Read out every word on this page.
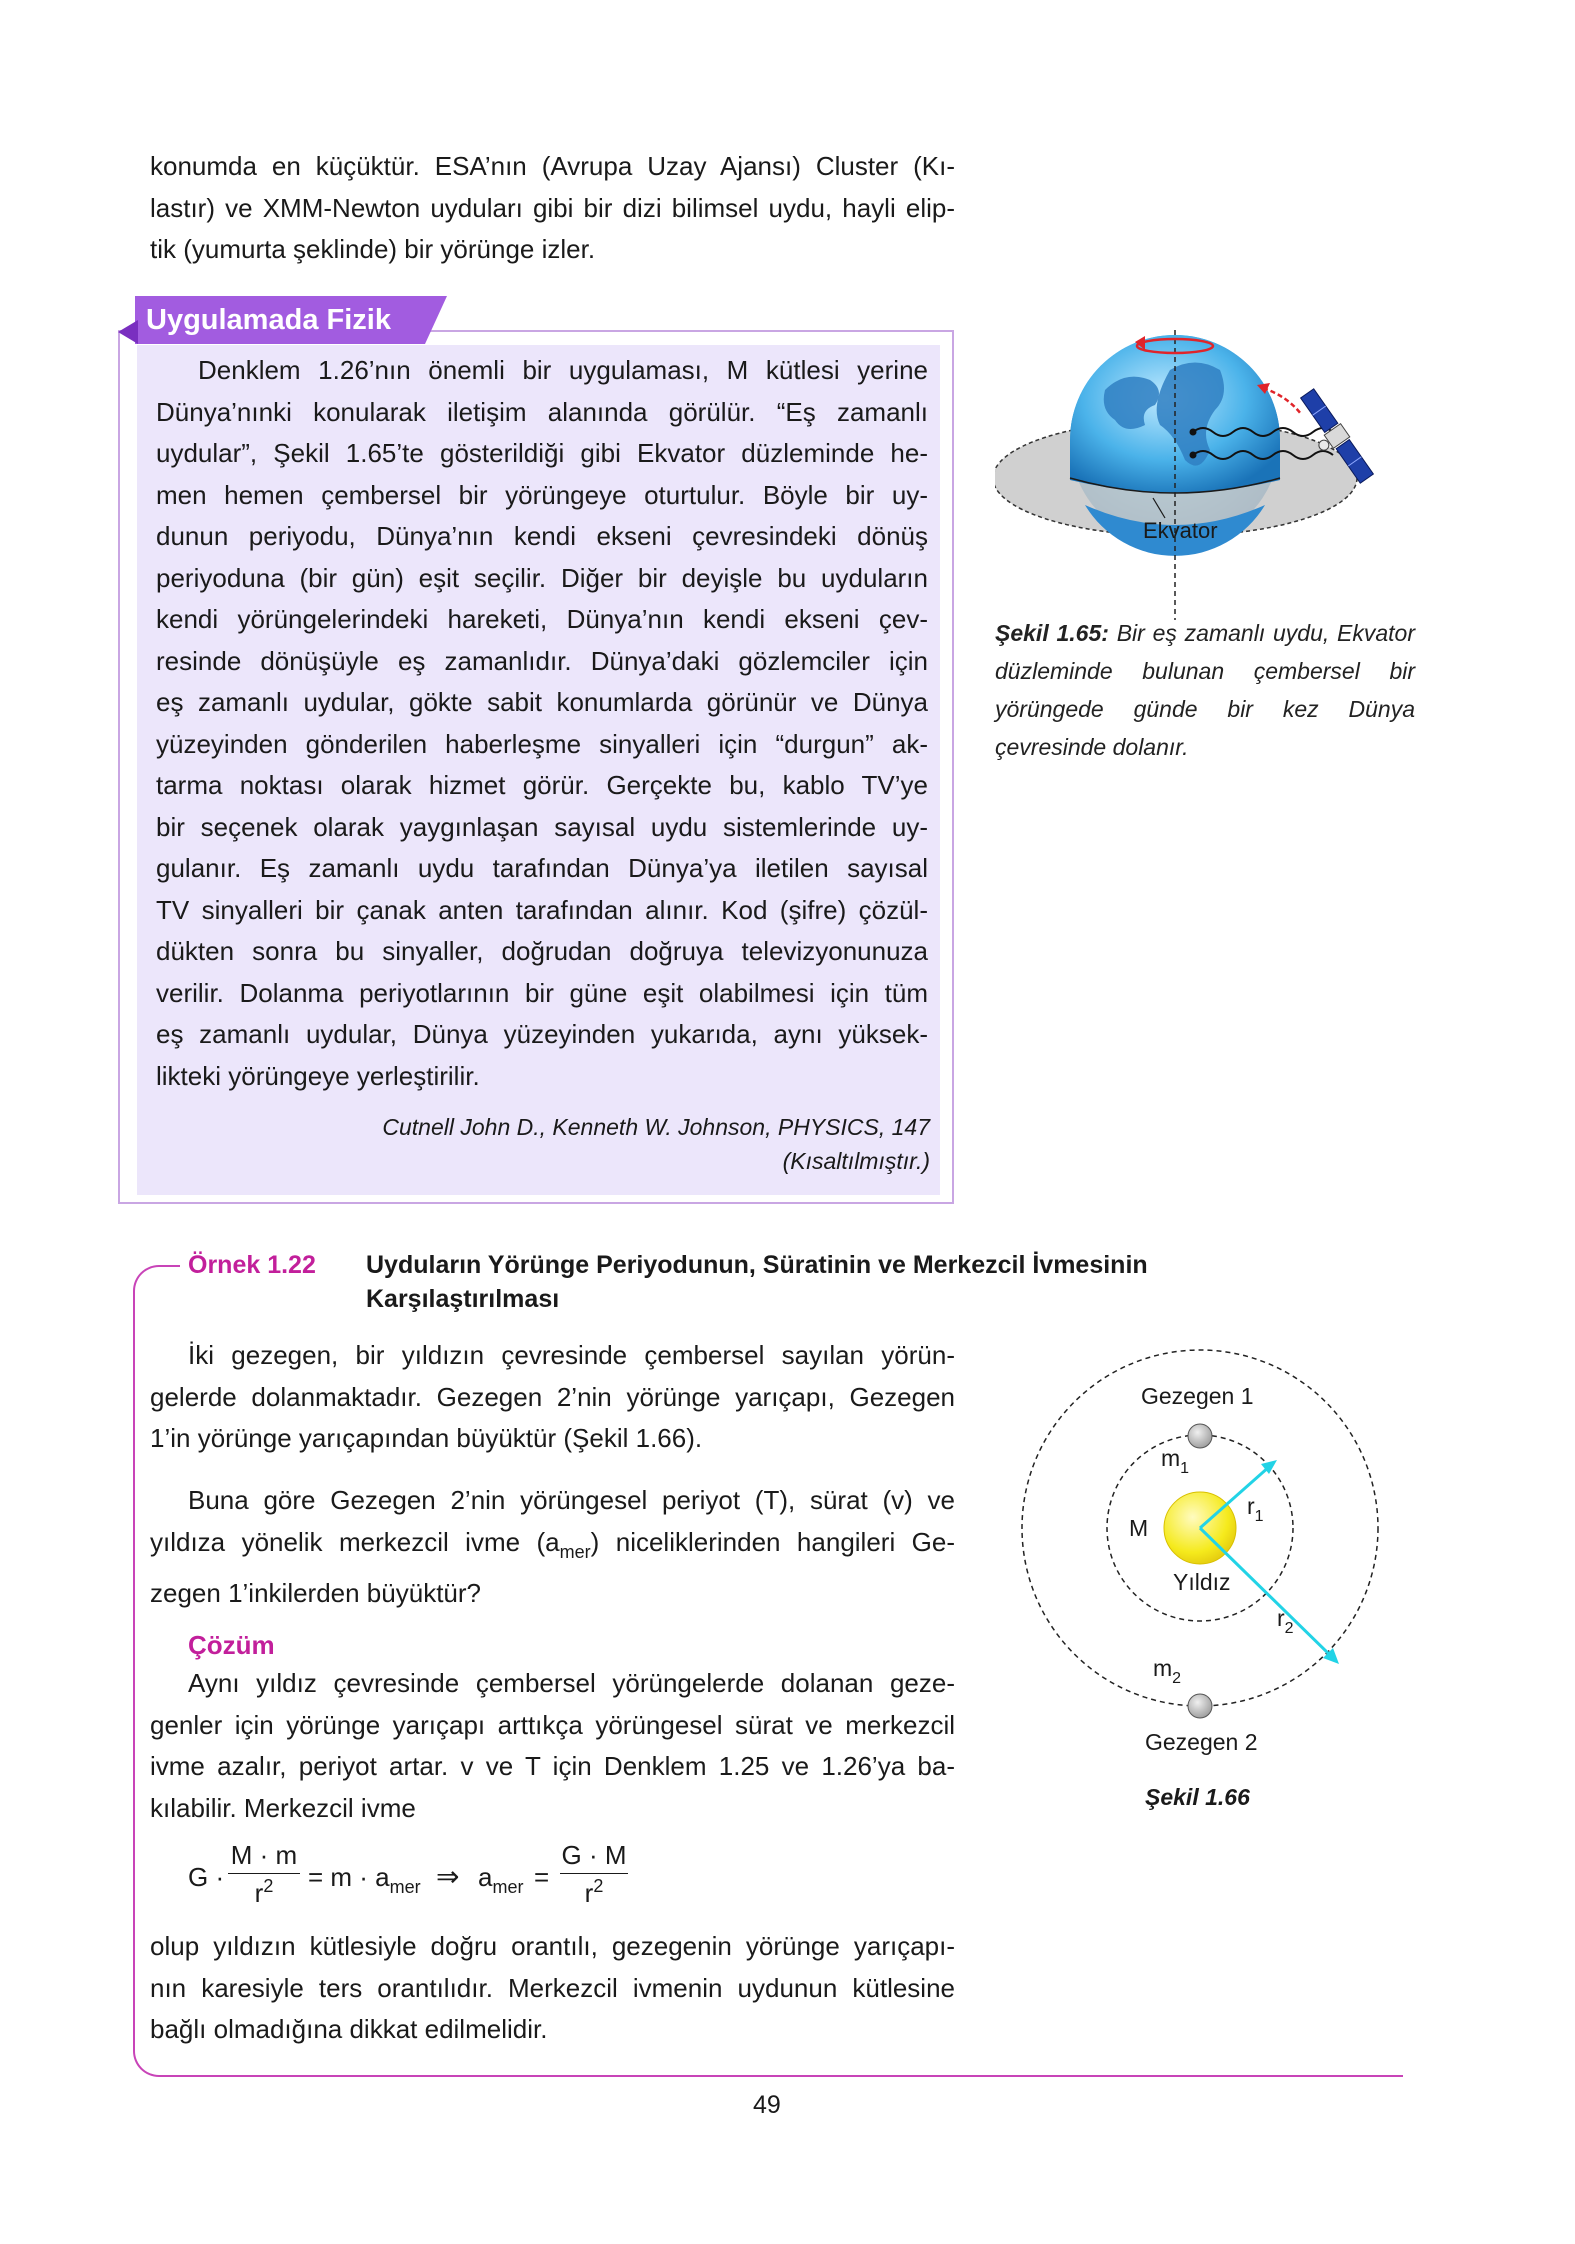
konumda en küçüktür. ESA’nın (Avrupa Uzay Ajansı) Cluster (Kı-
lastır) ve XMM-Newton uyduları gibi bir dizi bilimsel uydu, hayli elip-
tik (yumurta şeklinde) bir yörünge izler.
Uygulamada Fizik
Denklem 1.26’nın önemli bir uygulaması, M kütlesi yerine
Dünya’nınki konularak iletişim alanında görülür. “Eş zamanlı
uydular”, Şekil 1.65’te gösterildiği gibi Ekvator düzleminde he-
men hemen çembersel bir yörüngeye oturtulur. Böyle bir uy-
dunun periyodu, Dünya’nın kendi ekseni çevresindeki dönüş
periyoduna (bir gün) eşit seçilir. Diğer bir deyişle bu uyduların
kendi yörüngelerindeki hareketi, Dünya’nın kendi ekseni çev-
resinde dönüşüyle eş zamanlıdır. Dünya’daki gözlemciler için
eş zamanlı uydular, gökte sabit konumlarda görünür ve Dünya
yüzeyinden gönderilen haberleşme sinyalleri için “durgun” ak-
tarma noktası olarak hizmet görür. Gerçekte bu, kablo TV’ye
bir seçenek olarak yaygınlaşan sayısal uydu sistemlerinde uy-
gulanır. Eş zamanlı uydu tarafından Dünya’ya iletilen sayısal
TV sinyalleri bir çanak anten tarafından alınır. Kod (şifre) çözül-
dükten sonra bu sinyaller, doğrudan doğruya televizyonunuza
verilir. Dolanma periyotlarının bir güne eşit olabilmesi için tüm
eş zamanlı uydular, Dünya yüzeyinden yukarıda, aynı yüksek-
likteki yörüngeye yerleştirilir.
Cutnell John D., Kenneth W. Johnson, PHYSICS, 147
(Kısaltılmıştır.)
Ekvator
Şekil 1.65: Bir eş zamanlı uydu, Ekvator düzleminde bulunan çembersel bir yörüngede günde bir kez Dünya çevresinde dolanır.
Örnek 1.22 Uyduların Yörünge Periyodunun, Süratinin ve Merkezcil İvmesinin Karşılaştırılması
İki gezegen, bir yıldızın çevresinde çembersel sayılan yörün-
gelerde dolanmaktadır. Gezegen 2’nin yörünge yarıçapı, Gezegen
1’in yörünge yarıçapından büyüktür (Şekil 1.66).
Buna göre Gezegen 2’nin yörüngesel periyot (T), sürat (v) ve
yıldıza yönelik merkezcil ivme $(a_{mer})$ niceliklerinden hangileri Ge-
zegen 1’inkilerden büyüktür?
Çözüm
Aynı yıldız çevresinde çembersel yörüngelerde dolanan geze-
genler için yörünge yarıçapı arttıkça yörüngesel sürat ve merkezcil
ivme azalır, periyot artar. v ve T için Denklem 1.25 ve 1.26’ya ba-
kılabilir. Merkezcil ivme
G ·
M · m
$r^2$	= $m \cdot a_{mer}$ ⇒ $a_{mer}$ =
G · M
$r^2$
olup yıldızın kütlesiyle doğru orantılı, gezegenin yörünge yarıçapı-
nın karesiyle ters orantılıdır. Merkezcil ivmenin uydunun kütlesine
bağlı olmadığına dikkat edilmelidir.
Gezegen 1
$m_1$
M
$r_1$
Yıldız
$r_2$
$m_2$
Gezegen 2
Şekil 1.66
49
